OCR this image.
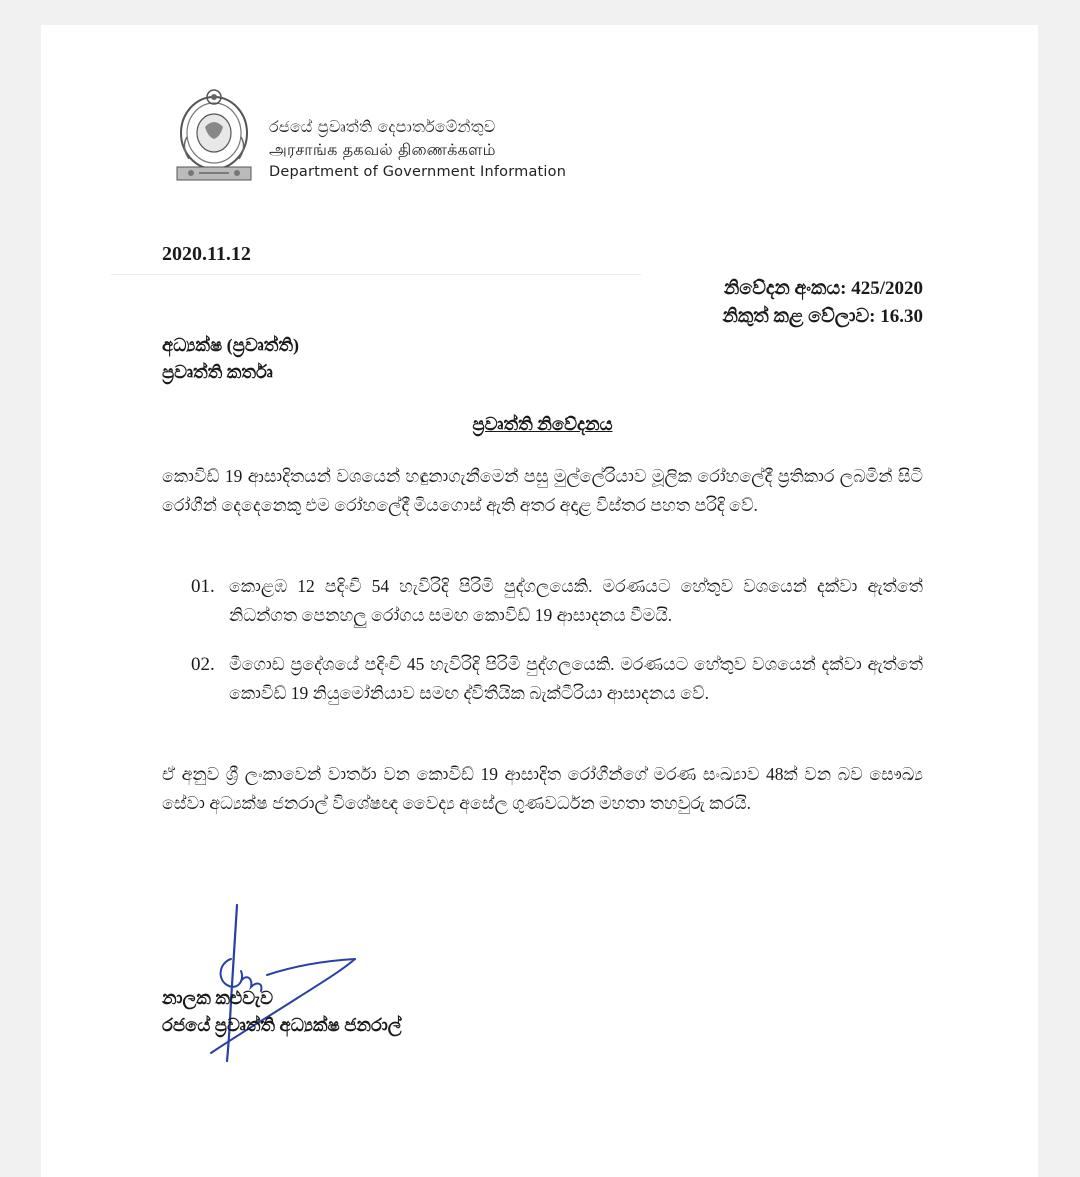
රජයේ ප්‍රවෘත්ති දෙපාර්තමේන්තුව
அரசாங்க தகவல் திணைக்களம்
Department of Government Information
2020.11.12
නිවේදන අංකය: 425/2020
නිකුත් කළ වේලාව: 16.30
අධ්‍යක්ෂ (ප්‍රවෘත්ති)
ප්‍රවෘත්ති කර්තෘ
ප්‍රවෘත්ති නිවේදනය
කොවිඩ් 19 ආසාදිතයන් වශයෙන් හඳුනාගැනීමෙන් පසු මුල්ලේරියාව මූලික රෝහලේදී ප්‍රතිකාර ලබමින් සිටි රෝගීන් දෙදෙනෙකු එම රෝහලේදී මියගොස් ඇති අතර අදාළ විස්තර පහත පරිදි වේ.
01. කොළඹ 12 පදිංචි 54 හැවිරිදි පිරිමි පුද්ගලයෙකි. මරණයට හේතුව වශයෙන් දක්වා ඇත්තේ නිධන්ගත පෙනහලු රෝගය සමඟ කොවිඩ් 19 ආසාදනය වීමයි.
02. මීගොඩ ප්‍රදේශයේ පදිංචි 45 හැවිරිදි පිරිමි පුද්ගලයෙකි. මරණයට හේතුව වශයෙන් දක්වා ඇත්තේ කොවිඩ් 19 නියුමෝනියාව සමඟ ද්විතීයික බැක්ටීරියා ආසාදනය වේ.
ඒ අනුව ශ්‍රී ලංකාවෙන් වාර්තා වන කොවිඩ් 19 ආසාදිත රෝගීන්ගේ මරණ සංඛ්‍යාව 48ක් වන බව සෞඛ්‍ය සේවා අධ්‍යක්ෂ ජනරාල් විශේෂඥ වෛද්‍ය අසේල ගුණවර්ධන මහතා තහවුරු කරයි.
නාලක කළුවැව
රජයේ ප්‍රවෘත්ති අධ්‍යක්ෂ ජනරාල්
